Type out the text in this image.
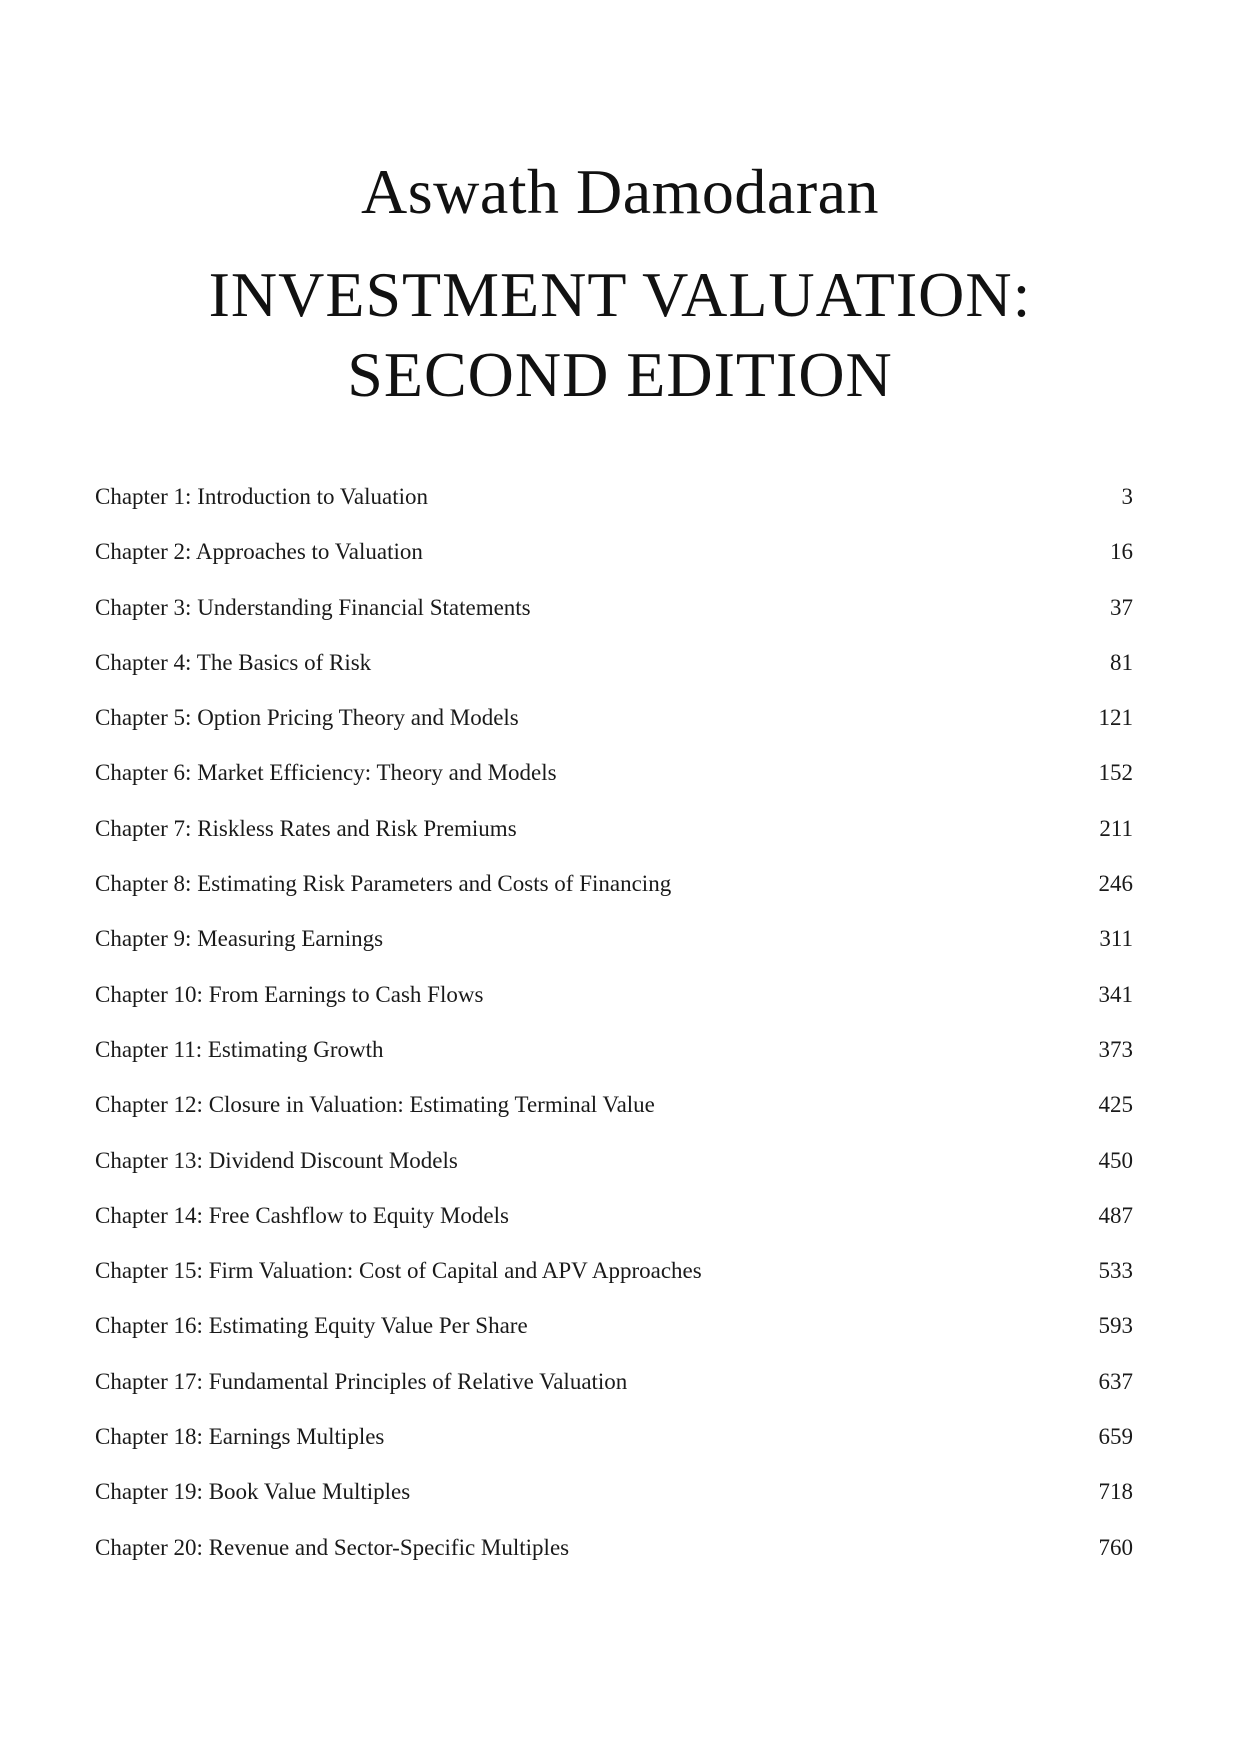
Aswath Damodaran
INVESTMENT VALUATION:
SECOND EDITION
Chapter 1: Introduction to Valuation	3
Chapter 2: Approaches to Valuation	16
Chapter 3: Understanding Financial Statements	37
Chapter 4: The Basics of Risk	81
Chapter 5: Option Pricing Theory and Models	121
Chapter 6: Market Efficiency: Theory and Models	152
Chapter 7: Riskless Rates and Risk Premiums	211
Chapter 8: Estimating Risk Parameters and Costs of Financing	246
Chapter 9: Measuring Earnings	311
Chapter 10: From Earnings to Cash Flows	341
Chapter 11: Estimating Growth	373
Chapter 12: Closure in Valuation: Estimating Terminal Value	425
Chapter 13: Dividend Discount Models	450
Chapter 14: Free Cashflow to Equity Models	487
Chapter 15: Firm Valuation: Cost of Capital and APV Approaches	533
Chapter 16: Estimating Equity Value Per Share	593
Chapter 17: Fundamental Principles of Relative Valuation	637
Chapter 18: Earnings Multiples	659
Chapter 19: Book Value Multiples	718
Chapter 20: Revenue and Sector-Specific Multiples	760
